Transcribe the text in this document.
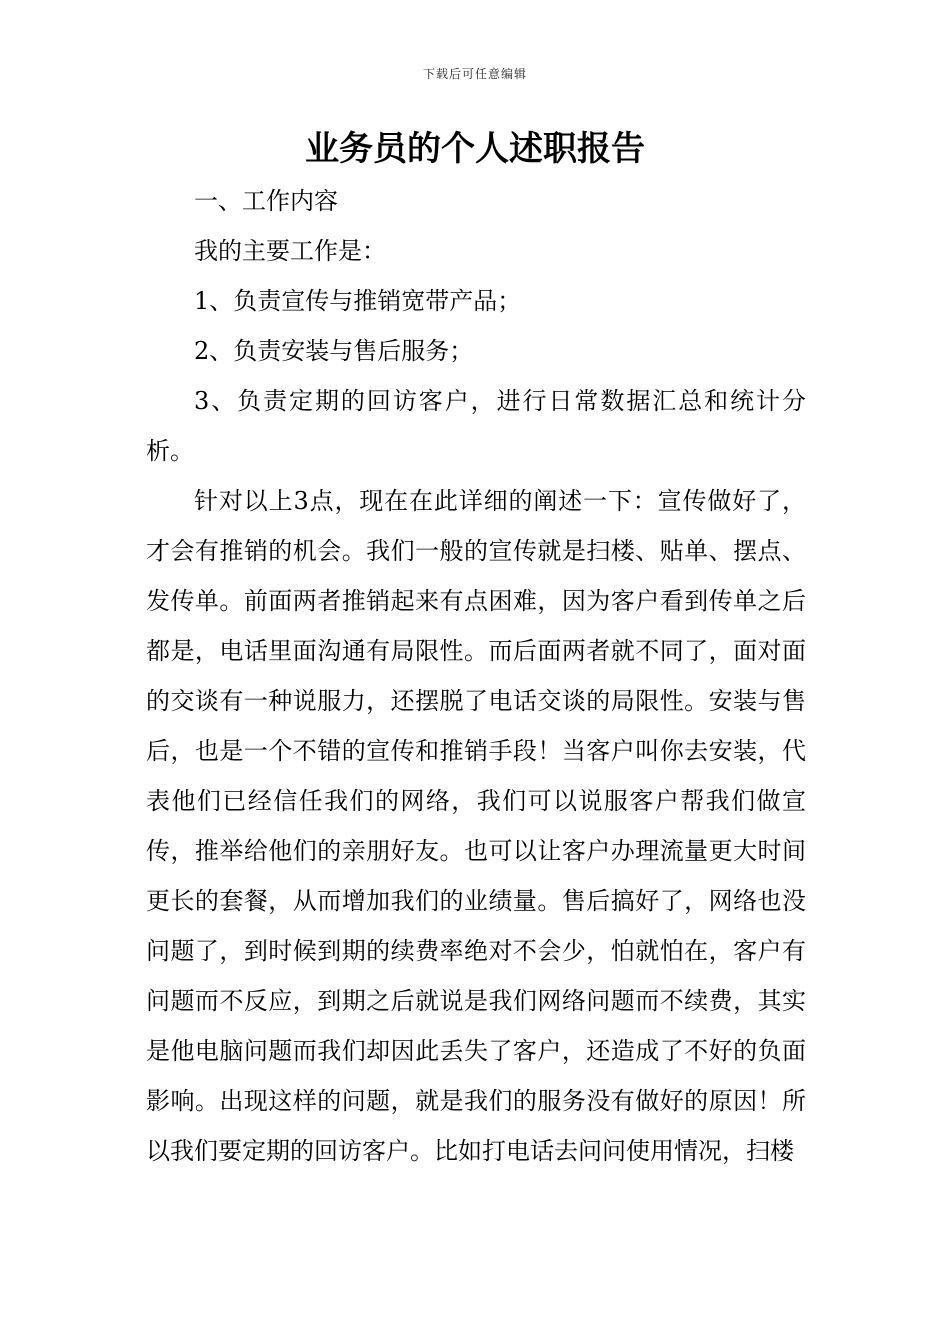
下载后可任意编辑
业务员的个人述职报告

一、工作内容

我的主要工作是：

1、负责宣传与推销宽带产品；

2、负责安装与售后服务；

3、负责定期的回访客户，进行日常数据汇总和统计分析。

针对以上3点，现在在此详细的阐述一下：宣传做好了，才会有推销的机会。我们一般的宣传就是扫楼、贴单、摆点、发传单。前面两者推销起来有点困难，因为客户看到传单之后都是，电话里面沟通有局限性。而后面两者就不同了，面对面的交谈有一种说服力，还摆脱了电话交谈的局限性。安装与售后，也是一个不错的宣传和推销手段！当客户叫你去安装，代表他们已经信任我们的网络，我们可以说服客户帮我们做宣传，推举给他们的亲朋好友。也可以让客户办理流量更大时间更长的套餐，从而增加我们的业绩量。售后搞好了，网络也没问题了，到时候到期的续费率绝对不会少，怕就怕在，客户有问题而不反应，到期之后就说是我们网络问题而不续费，其实是他电脑问题而我们却因此丢失了客户，还造成了不好的负面影响。出现这样的问题，就是我们的服务没有做好的原因！所以我们要定期的回访客户。比如打电话去问问使用情况，扫楼
